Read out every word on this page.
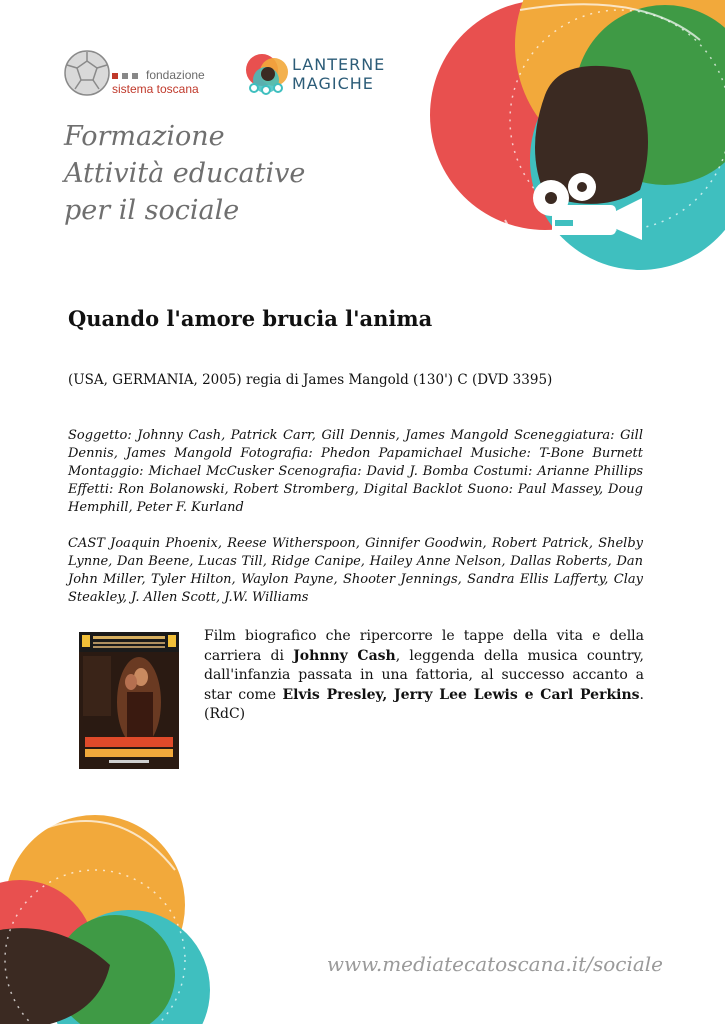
fondazione
sistema toscana
LANTERNE
MAGICHE
Formazione
Attività educative
per il sociale
Quando l'amore brucia l'anima
(USA, GERMANIA, 2005) regia di James Mangold (130') C (DVD 3395)
Soggetto: Johnny Cash, Patrick Carr, Gill Dennis, James Mangold Sceneggiatura: Gill Dennis, James Mangold Fotografia: Phedon Papamichael Musiche: T-Bone Burnett Montaggio: Michael McCusker Scenografia: David J. Bomba Costumi: Arianne Phillips Effetti: Ron Bolanowski, Robert Stromberg, Digital Backlot Suono: Paul Massey, Doug Hemphill, Peter F. Kurland
CAST Joaquin Phoenix, Reese Witherspoon, Ginnifer Goodwin, Robert Patrick, Shelby Lynne, Dan Beene, Lucas Till, Ridge Canipe, Hailey Anne Nelson, Dallas Roberts, Dan John Miller, Tyler Hilton, Waylon Payne, Shooter Jennings, Sandra Ellis Lafferty, Clay Steakley, J. Allen Scott, J.W. Williams
Film biografico che ripercorre le tappe della vita e della carriera di Johnny Cash, leggenda della musica country, dall'infanzia passata in una fattoria, al successo accanto a star come Elvis Presley, Jerry Lee Lewis e Carl Perkins. (RdC)
www.mediatecatoscana.it/sociale
